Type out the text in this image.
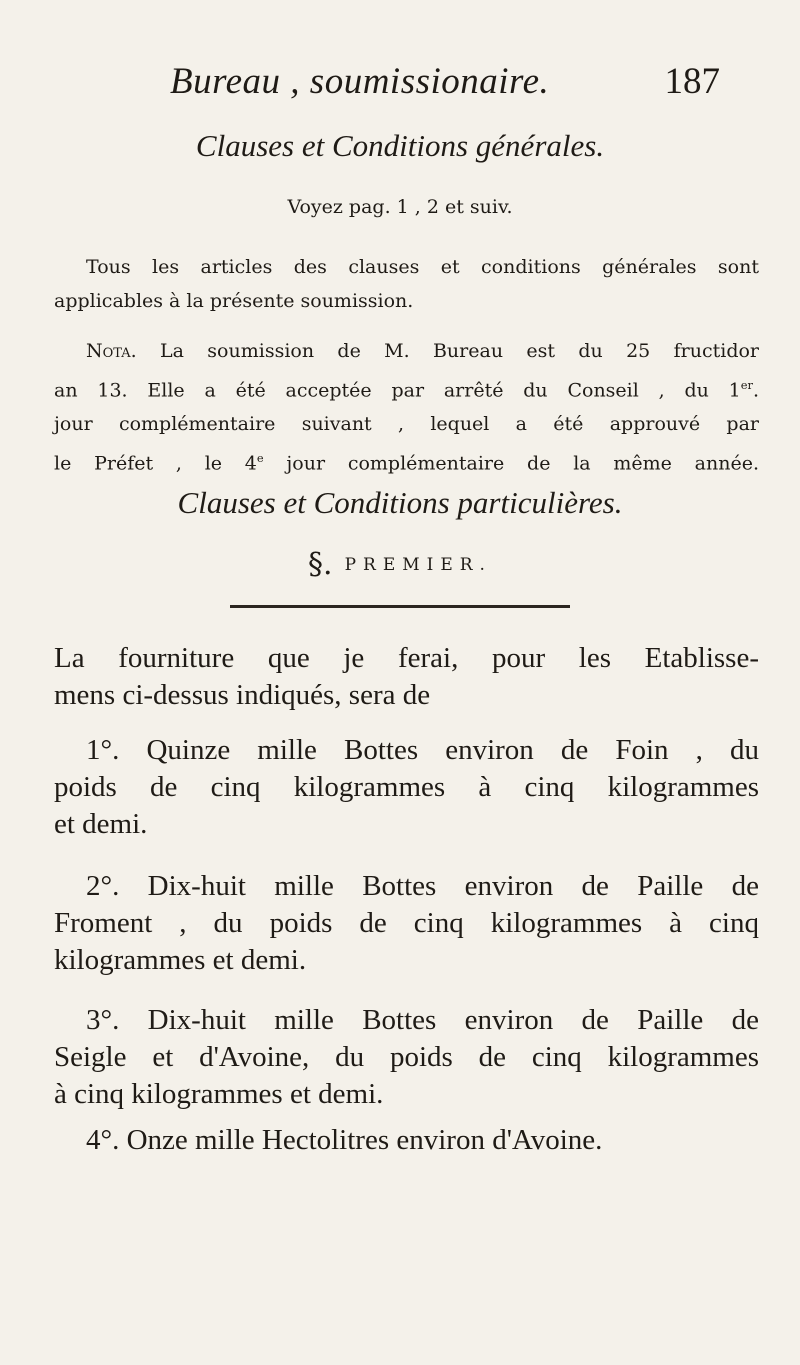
Bureau , soumissionaire.	187
Clauses et Conditions générales.
Voyez pag. 1 , 2 et suiv.
Tous les articles des clauses et conditions générales sont
applicables à la présente soumission.
Nota. La soumission de M. Bureau est du 25 fructidor
an 13. Elle a été acceptée par arrêté du Conseil , du 1er.
jour complémentaire suivant , lequel a été approuvé par
le Préfet , le 4e jour complémentaire de la même année.
Clauses et Conditions particulières.
§. PREMIER.
La fourniture que je ferai, pour les Etablisse-
mens ci-dessus indiqués, sera de
1°. Quinze mille Bottes environ de Foin , du
poids de cinq kilogrammes à cinq kilogrammes
et demi.
2°. Dix-huit mille Bottes environ de Paille de
Froment , du poids de cinq kilogrammes à cinq
kilogrammes et demi.
3°. Dix-huit mille Bottes environ de Paille de
Seigle et d'Avoine, du poids de cinq kilogrammes
à cinq kilogrammes et demi.
4°. Onze mille Hectolitres environ d'Avoine.
